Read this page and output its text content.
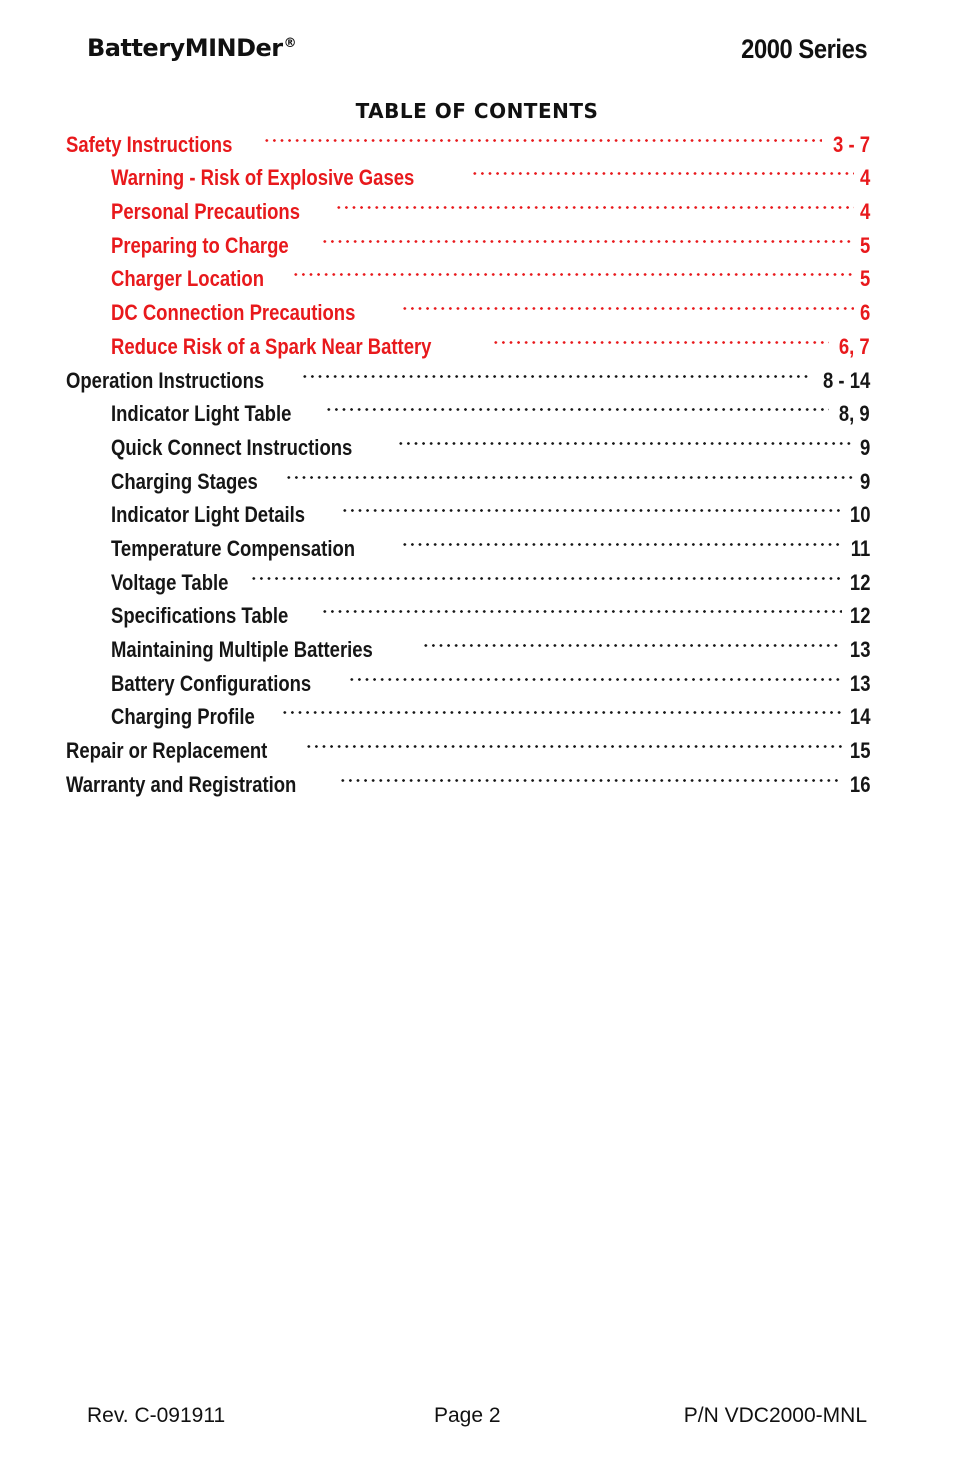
BatteryMINDer®	2000 Series
TABLE OF CONTENTS
Safety Instructions	3 - 7
Warning - Risk of Explosive Gases	4
Personal Precautions	4
Preparing to Charge	5
Charger Location	5
DC Connection Precautions	6
Reduce Risk of a Spark Near Battery	6, 7
Operation Instructions	8 - 14
Indicator Light Table	8, 9
Quick Connect Instructions	9
Charging Stages	9
Indicator Light Details	10
Temperature Compensation	11
Voltage Table	12
Specifications Table	12
Maintaining Multiple Batteries	13
Battery Configurations	13
Charging Profile	14
Repair or Replacement	15
Warranty and Registration	16
Rev. C-091911	Page 2	P/N VDC2000-MNL
